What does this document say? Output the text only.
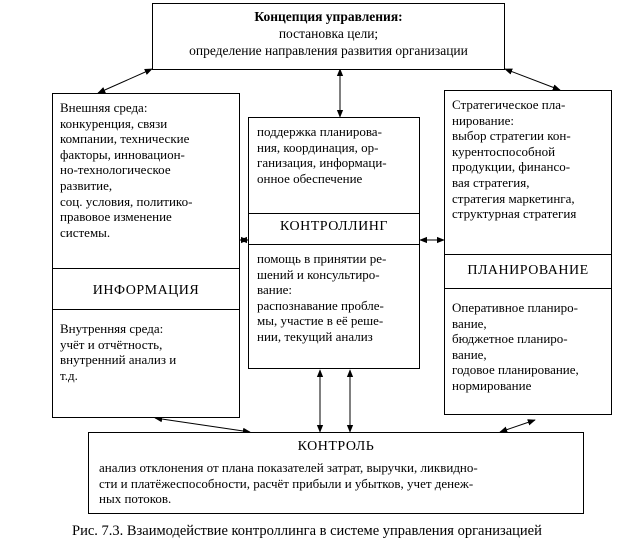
Концепция управления:
постановка цели;
определение направления развития организации
Внешняя среда:
конкуренция, связи
компании, технические
факторы, инновацион-
но-технологическое
развитие,
соц. условия, политико-
правовое изменение
системы.
ИНФОРМАЦИЯ
Внутренняя среда:
учёт и отчётность,
внутренний анализ и
т.д.
поддержка планирова-
ния, координация, ор-
ганизация, информаци-
онное обеспечение
КОНТРОЛЛИНГ
помощь в принятии ре-
шений и консультиро-
вание:
распознавание пробле-
мы, участие в её реше-
нии, текущий анализ
Стратегическое пла-
нирование:
выбор стратегии кон-
курентоспособной
продукции, финансо-
вая стратегия,
стратегия маркетинга,
структурная стратегия
ПЛАНИРОВАНИЕ
Оперативное планиро-
вание,
бюджетное планиро-
вание,
годовое планирование,
нормирование
КОНТРОЛЬ
анализ отклонения от плана показателей затрат, выручки, ликвидно-
сти и платёжеспособности, расчёт прибыли и убытков, учет денеж-
ных потоков.
Рис. 7.3. Взаимодействие контроллинга в системе управления организацией
